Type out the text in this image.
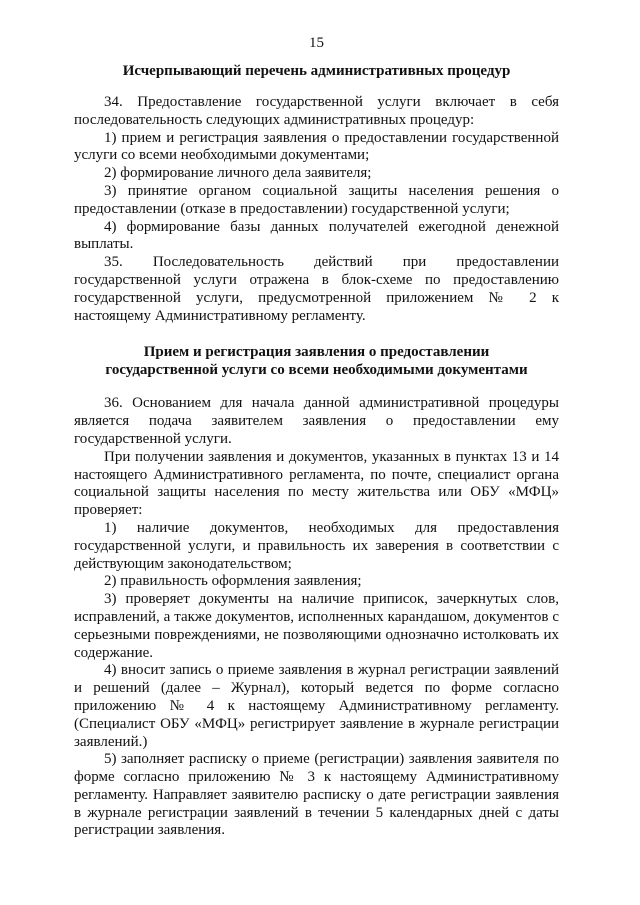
15
Исчерпывающий перечень административных процедур

34. Предоставление государственной услуги включает в себя последовательность следующих административных процедур:

1) прием и регистрация заявления о предоставлении государственной услуги со всеми необходимыми документами;

2) формирование личного дела заявителя;

3) принятие органом социальной защиты населения решения о предоставлении (отказе в предоставлении) государственной услуги;

4) формирование базы данных получателей ежегодной денежной выплаты.

35. Последовательность действий при предоставлении государственной услуги отражена в блок-схеме по предоставлению государственной услуги, предусмотренной приложением № 2 к настоящему Административному регламенту.

Прием и регистрация заявления о предоставлении
государственной услуги со всеми необходимыми документами

36. Основанием для начала данной административной процедуры является подача заявителем заявления о предоставлении ему государственной услуги.

При получении заявления и документов, указанных в пунктах 13 и 14 настоящего Административного регламента, по почте, специалист органа социальной защиты населения по месту жительства или ОБУ «МФЦ» проверяет:

1) наличие документов, необходимых для предоставления государственной услуги, и правильность их заверения в соответствии с действующим законодательством;

2) правильность оформления заявления;

3) проверяет документы на наличие приписок, зачеркнутых слов, исправлений, а также документов, исполненных карандашом, документов с серьезными повреждениями, не позволяющими однозначно истолковать их содержание.

4) вносит запись о приеме заявления в журнал регистрации заявлений и решений (далее – Журнал), который ведется по форме согласно приложению № 4 к настоящему Административному регламенту. (Специалист ОБУ «МФЦ» регистрирует заявление в журнале регистрации заявлений.)

5) заполняет расписку о приеме (регистрации) заявления заявителя по форме согласно приложению № 3 к настоящему Административному регламенту. Направляет заявителю расписку о дате регистрации заявления в журнале регистрации заявлений в течении 5 календарных дней с даты регистрации заявления.
